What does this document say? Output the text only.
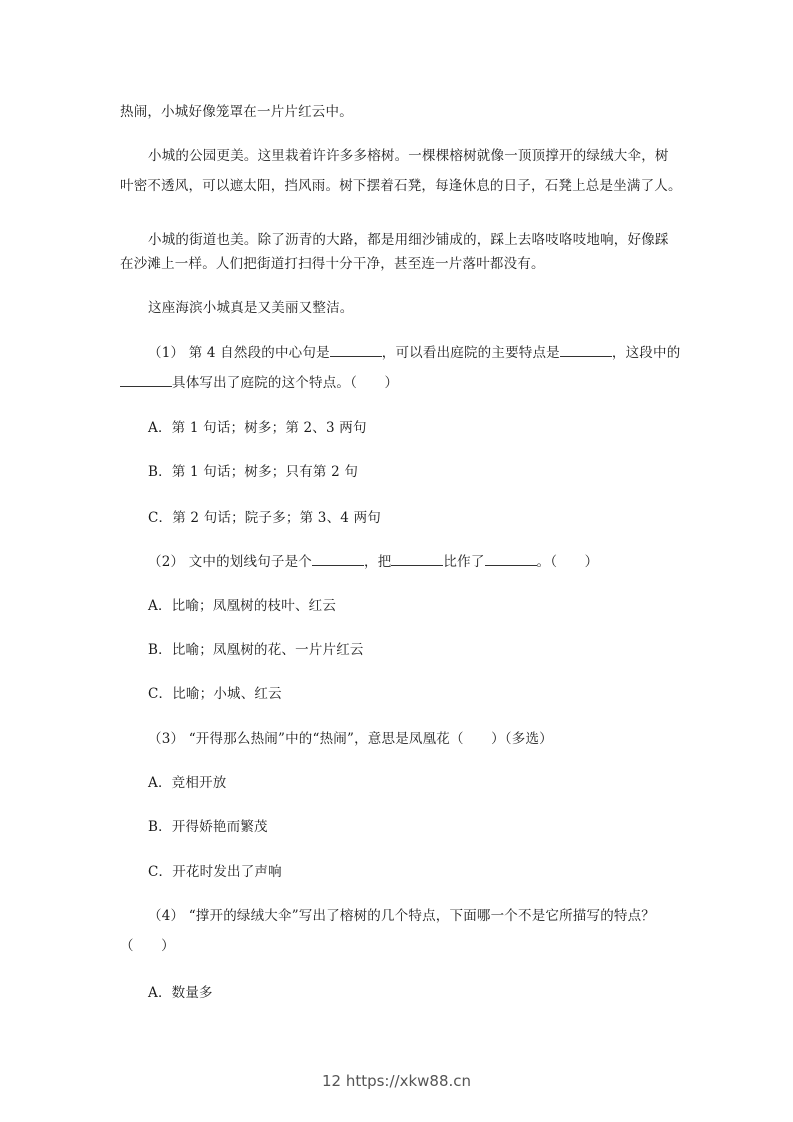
热闹，小城好像笼罩在一片片红云中。
小城的公园更美。这里栽着许许多多榕树。一棵棵榕树就像一顶顶撑开的绿绒大伞，树
叶密不透风，可以遮太阳，挡风雨。树下摆着石凳，每逢休息的日子，石凳上总是坐满了人。
小城的街道也美。除了沥青的大路，都是用细沙铺成的，踩上去咯吱咯吱地响，好像踩
在沙滩上一样。人们把街道打扫得十分干净，甚至连一片落叶都没有。
这座海滨小城真是又美丽又整洁。
（1） 第 4 自然段的中心句是	，可以看出庭院的主要特点是	，这段中的
具体写出了庭院的这个特点。（　　）
A．第 1 句话；树多；第 2、3 两句
B．第 1 句话；树多；只有第 2 句
C．第 2 句话；院子多；第 3、4 两句
（2） 文中的划线句子是个	，把	比作了	。（　　）
A．比喻；凤凰树的枝叶、红云
B．比喻；凤凰树的花、一片片红云
C．比喻；小城、红云
（3） “开得那么热闹”中的“热闹”，意思是凤凰花（　　）（多选）
A．竞相开放
B．开得娇艳而繁茂
C．开花时发出了声响
（4） “撑开的绿绒大伞”写出了榕树的几个特点，下面哪一个不是它所描写的特点？
（　　）
A．数量多
12 https://xkw88.cn
